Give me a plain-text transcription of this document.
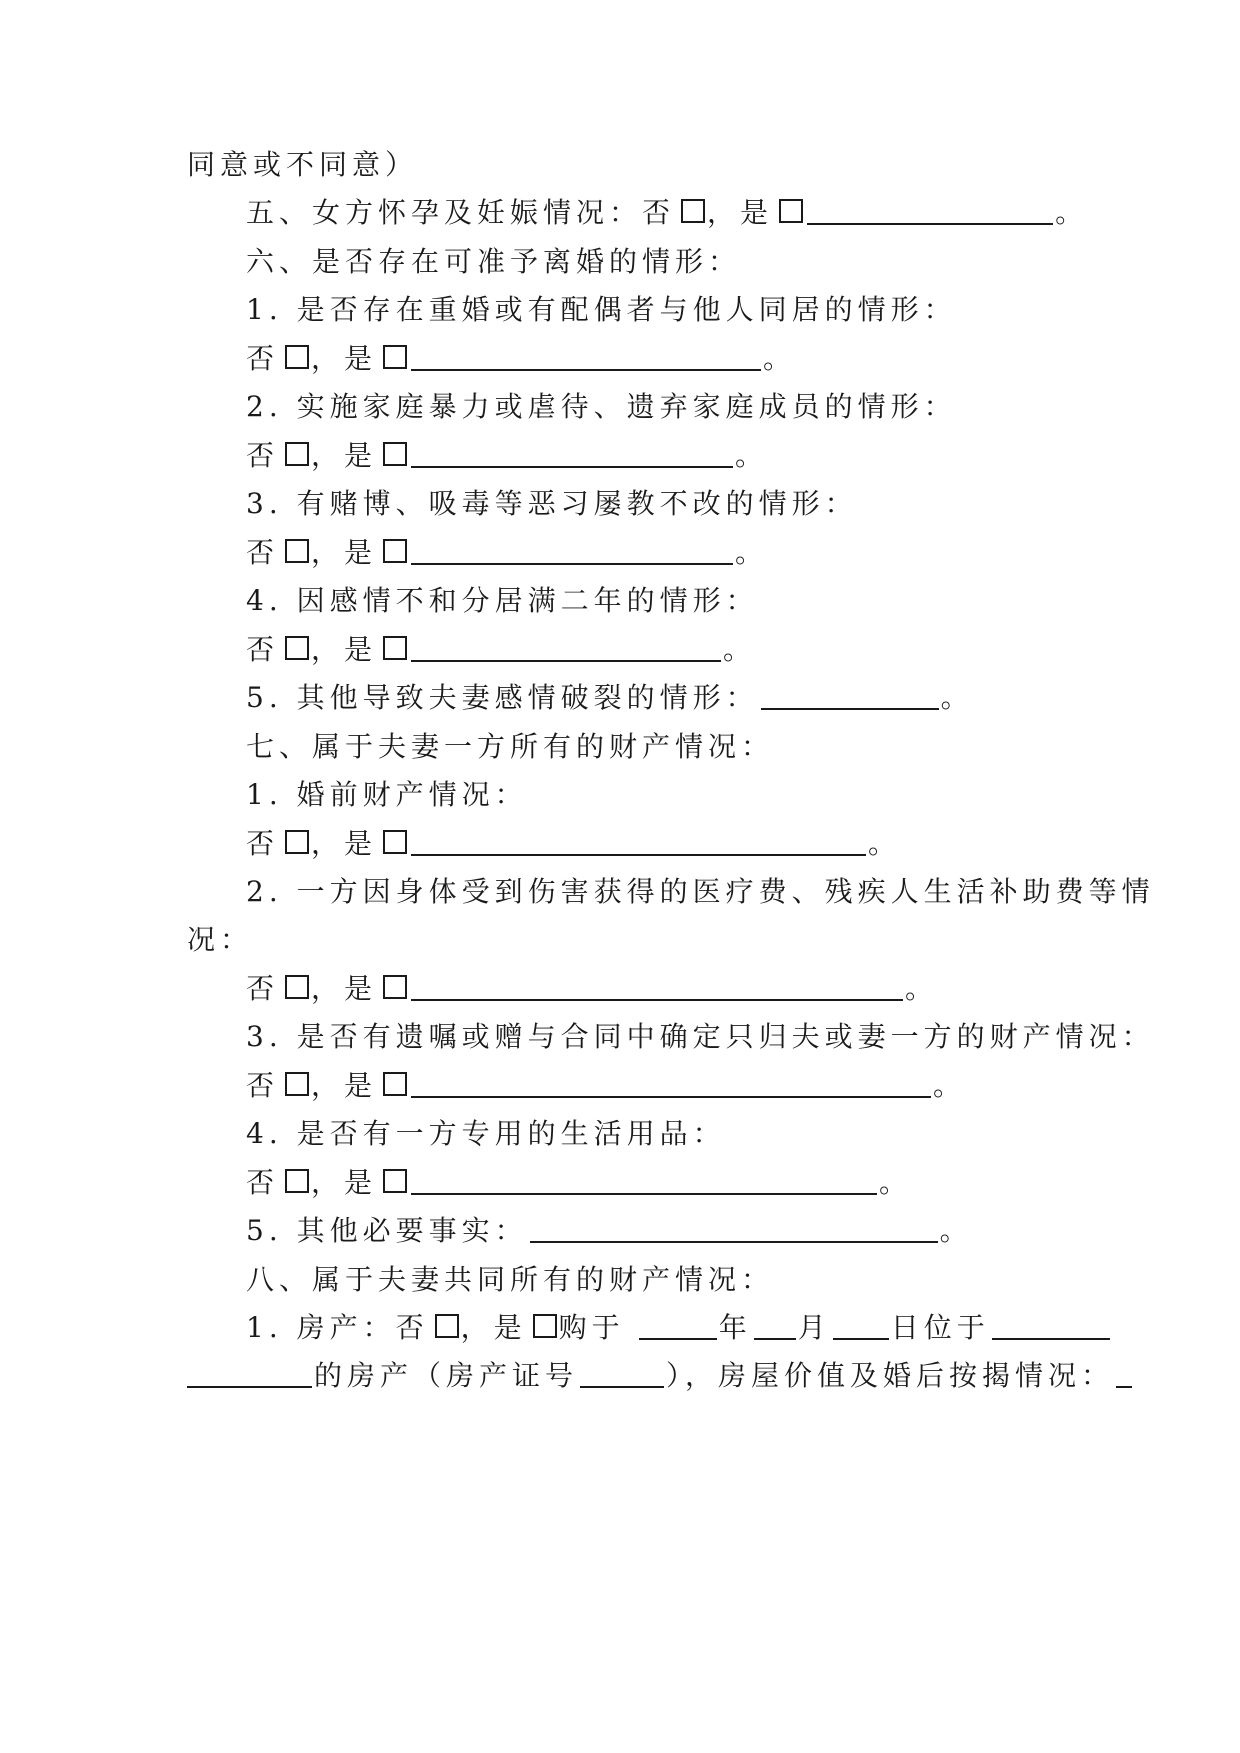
同意或不同意）
五、女方怀孕及妊娠情况：否 ，是	。
六、是否存在可准予离婚的情形：
1. 是否存在重婚或有配偶者与他人同居的情形：
否 ，是	。
2. 实施家庭暴力或虐待、遗弃家庭成员的情形：
否 ，是	。
3. 有赌博、吸毒等恶习屡教不改的情形：
否 ，是	。
4. 因感情不和分居满二年的情形：
否 ，是	。
5. 其他导致夫妻感情破裂的情形：	。
七、属于夫妻一方所有的财产情况：
1. 婚前财产情况：
否 ，是	。
2. 一方因身体受到伤害获得的医疗费、残疾人生活补助费等情
况：
否 ，是	。
3. 是否有遗嘱或赠与合同中确定只归夫或妻一方的财产情况：
否 ，是	。
4. 是否有一方专用的生活用品：
否 ，是	。
5. 其他必要事实：	。
八、属于夫妻共同所有的财产情况：
1. 房产：否 ，是 购于	年 月 日位于
的房产（房产证号	），房屋价值及婚后按揭情况：
